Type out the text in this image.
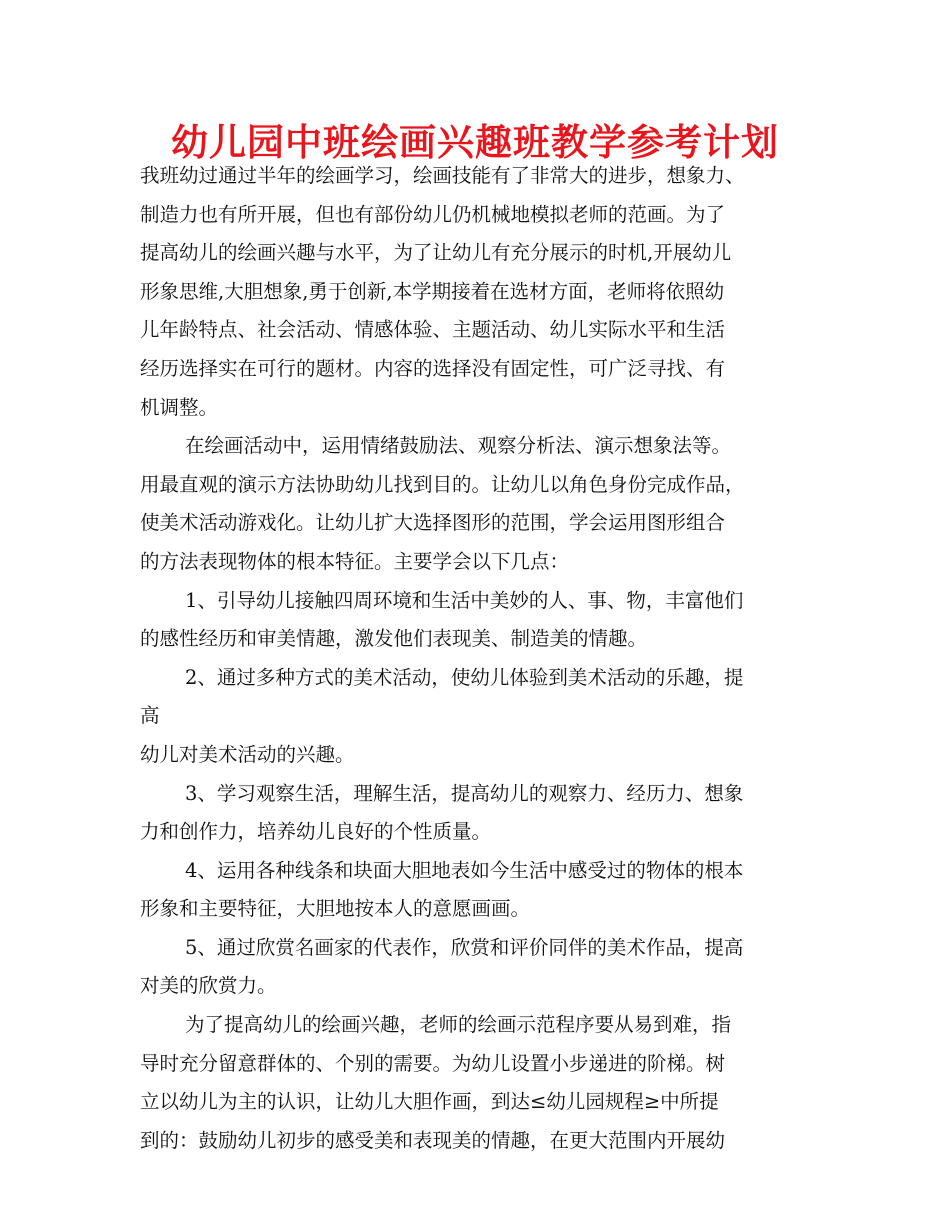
幼儿园中班绘画兴趣班教学参考计划

我班幼过通过半年的绘画学习，绘画技能有了非常大的进步，想象力、

制造力也有所开展，但也有部份幼儿仍机械地模拟老师的范画。为了

提高幼儿的绘画兴趣与水平，为了让幼儿有充分展示的时机,开展幼儿

形象思维,大胆想象,勇于创新,本学期接着在选材方面，老师将依照幼

儿年龄特点、社会活动、情感体验、主题活动、幼儿实际水平和生活

经历选择实在可行的题材。内容的选择没有固定性，可广泛寻找、有

机调整。

在绘画活动中，运用情绪鼓励法、观察分析法、演示想象法等。

用最直观的演示方法协助幼儿找到目的。让幼儿以角色身份完成作品，

使美术活动游戏化。让幼儿扩大选择图形的范围，学会运用图形组合

的方法表现物体的根本特征。主要学会以下几点：

1、引导幼儿接触四周环境和生活中美妙的人、事、物，丰富他们

的感性经历和审美情趣，激发他们表现美、制造美的情趣。

2、通过多种方式的美术活动，使幼儿体验到美术活动的乐趣，提

高

幼儿对美术活动的兴趣。

3、学习观察生活，理解生活，提高幼儿的观察力、经历力、想象

力和创作力，培养幼儿良好的个性质量。

4、运用各种线条和块面大胆地表如今生活中感受过的物体的根本

形象和主要特征，大胆地按本人的意愿画画。

5、通过欣赏名画家的代表作，欣赏和评价同伴的美术作品，提高

对美的欣赏力。

为了提高幼儿的绘画兴趣，老师的绘画示范程序要从易到难，指

导时充分留意群体的、个别的需要。为幼儿设置小步递进的阶梯。树

立以幼儿为主的认识，让幼儿大胆作画，到达≤幼儿园规程≥中所提

到的：鼓励幼儿初步的感受美和表现美的情趣，在更大范围内开展幼
